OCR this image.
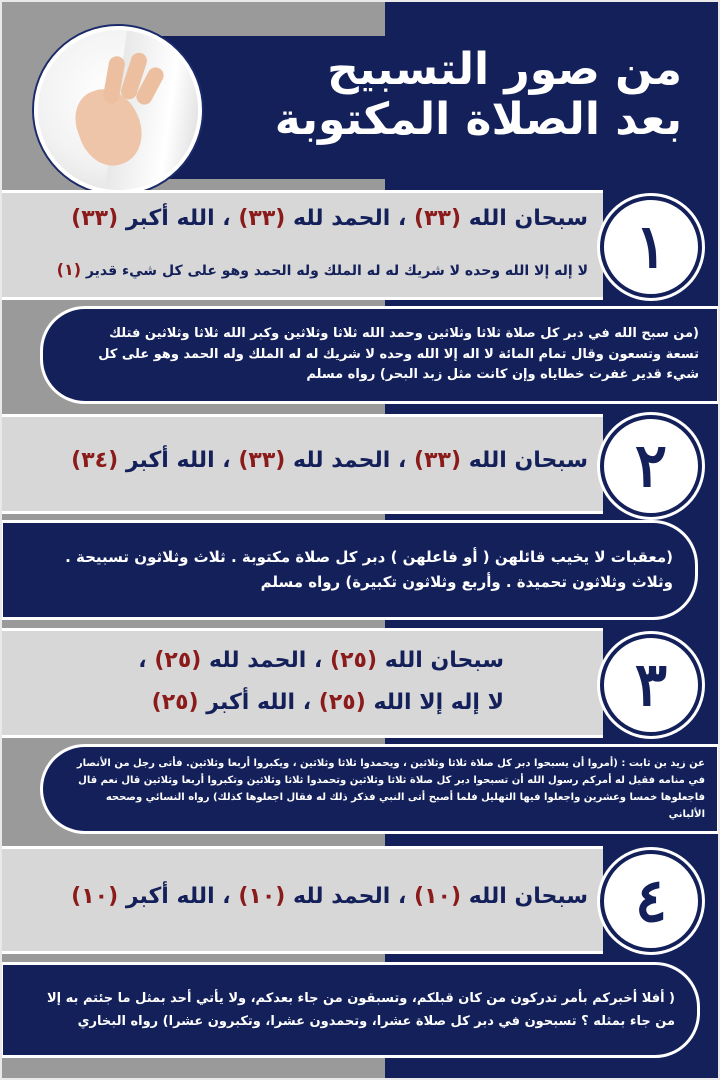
من صور التسبيح
بعد الصلاة المكتوبة
١
سبحان الله (٣٣) ، الحمد لله (٣٣) ، الله أكبر (٣٣)
لا إله إلا الله وحده لا شريك له له الملك وله الحمد وهو على كل شيء قدير (١)
(من سبح الله في دبر كل صلاة ثلاثا وثلاثين وحمد الله ثلاثا وثلاثين وكبر الله ثلاثا وثلاثين فتلك تسعة وتسعون وقال تمام المائة لا اله إلا الله وحده لا شريك له له الملك وله الحمد وهو على كل شيء قدير غفرت خطاياه وإن كانت مثل زبد البحر) رواه مسلم
٢
سبحان الله (٣٣) ، الحمد لله (٣٣) ، الله أكبر (٣٤)
(معقبات لا يخيب قائلهن ( أو فاعلهن ) دبر كل صلاة مكتوبة . ثلاث وثلاثون تسبيحة . وثلاث وثلاثون تحميدة . وأربع وثلاثون تكبيرة) رواه مسلم
٣
سبحان الله (٢٥) ، الحمد لله (٢٥) ،
لا إله إلا الله (٢٥) ، الله أكبر (٢٥)
عن زيد بن ثابت : (أمروا أن يسبحوا دبر كل صلاة ثلاثا وثلاثين ، ويحمدوا ثلاثا وثلاثين ، ويكبروا أربعا وثلاثين. فأتى رجل من الأنصار في منامه فقيل له أمركم رسول الله أن تسبحوا دبر كل صلاة ثلاثا وثلاثين وتحمدوا ثلاثا وثلاثين وتكبروا أربعا وثلاثين قال نعم قال فاجعلوها خمسا وعشرين واجعلوا فيها التهليل فلما أصبح أتى النبي فذكر ذلك له فقال اجعلوها كذلك) رواه النسائي وصححه الألباني
٤
سبحان الله (١٠) ، الحمد لله (١٠) ، الله أكبر (١٠)
( أفلا أخبركم بأمر تدركون من كان قبلكم، وتسبقون من جاء بعدكم، ولا يأتي أحد بمثل ما جئتم به إلا من جاء بمثله ؟ تسبحون في دبر كل صلاة عشرا، وتحمدون عشرا، وتكبرون عشرا) رواه البخاري
